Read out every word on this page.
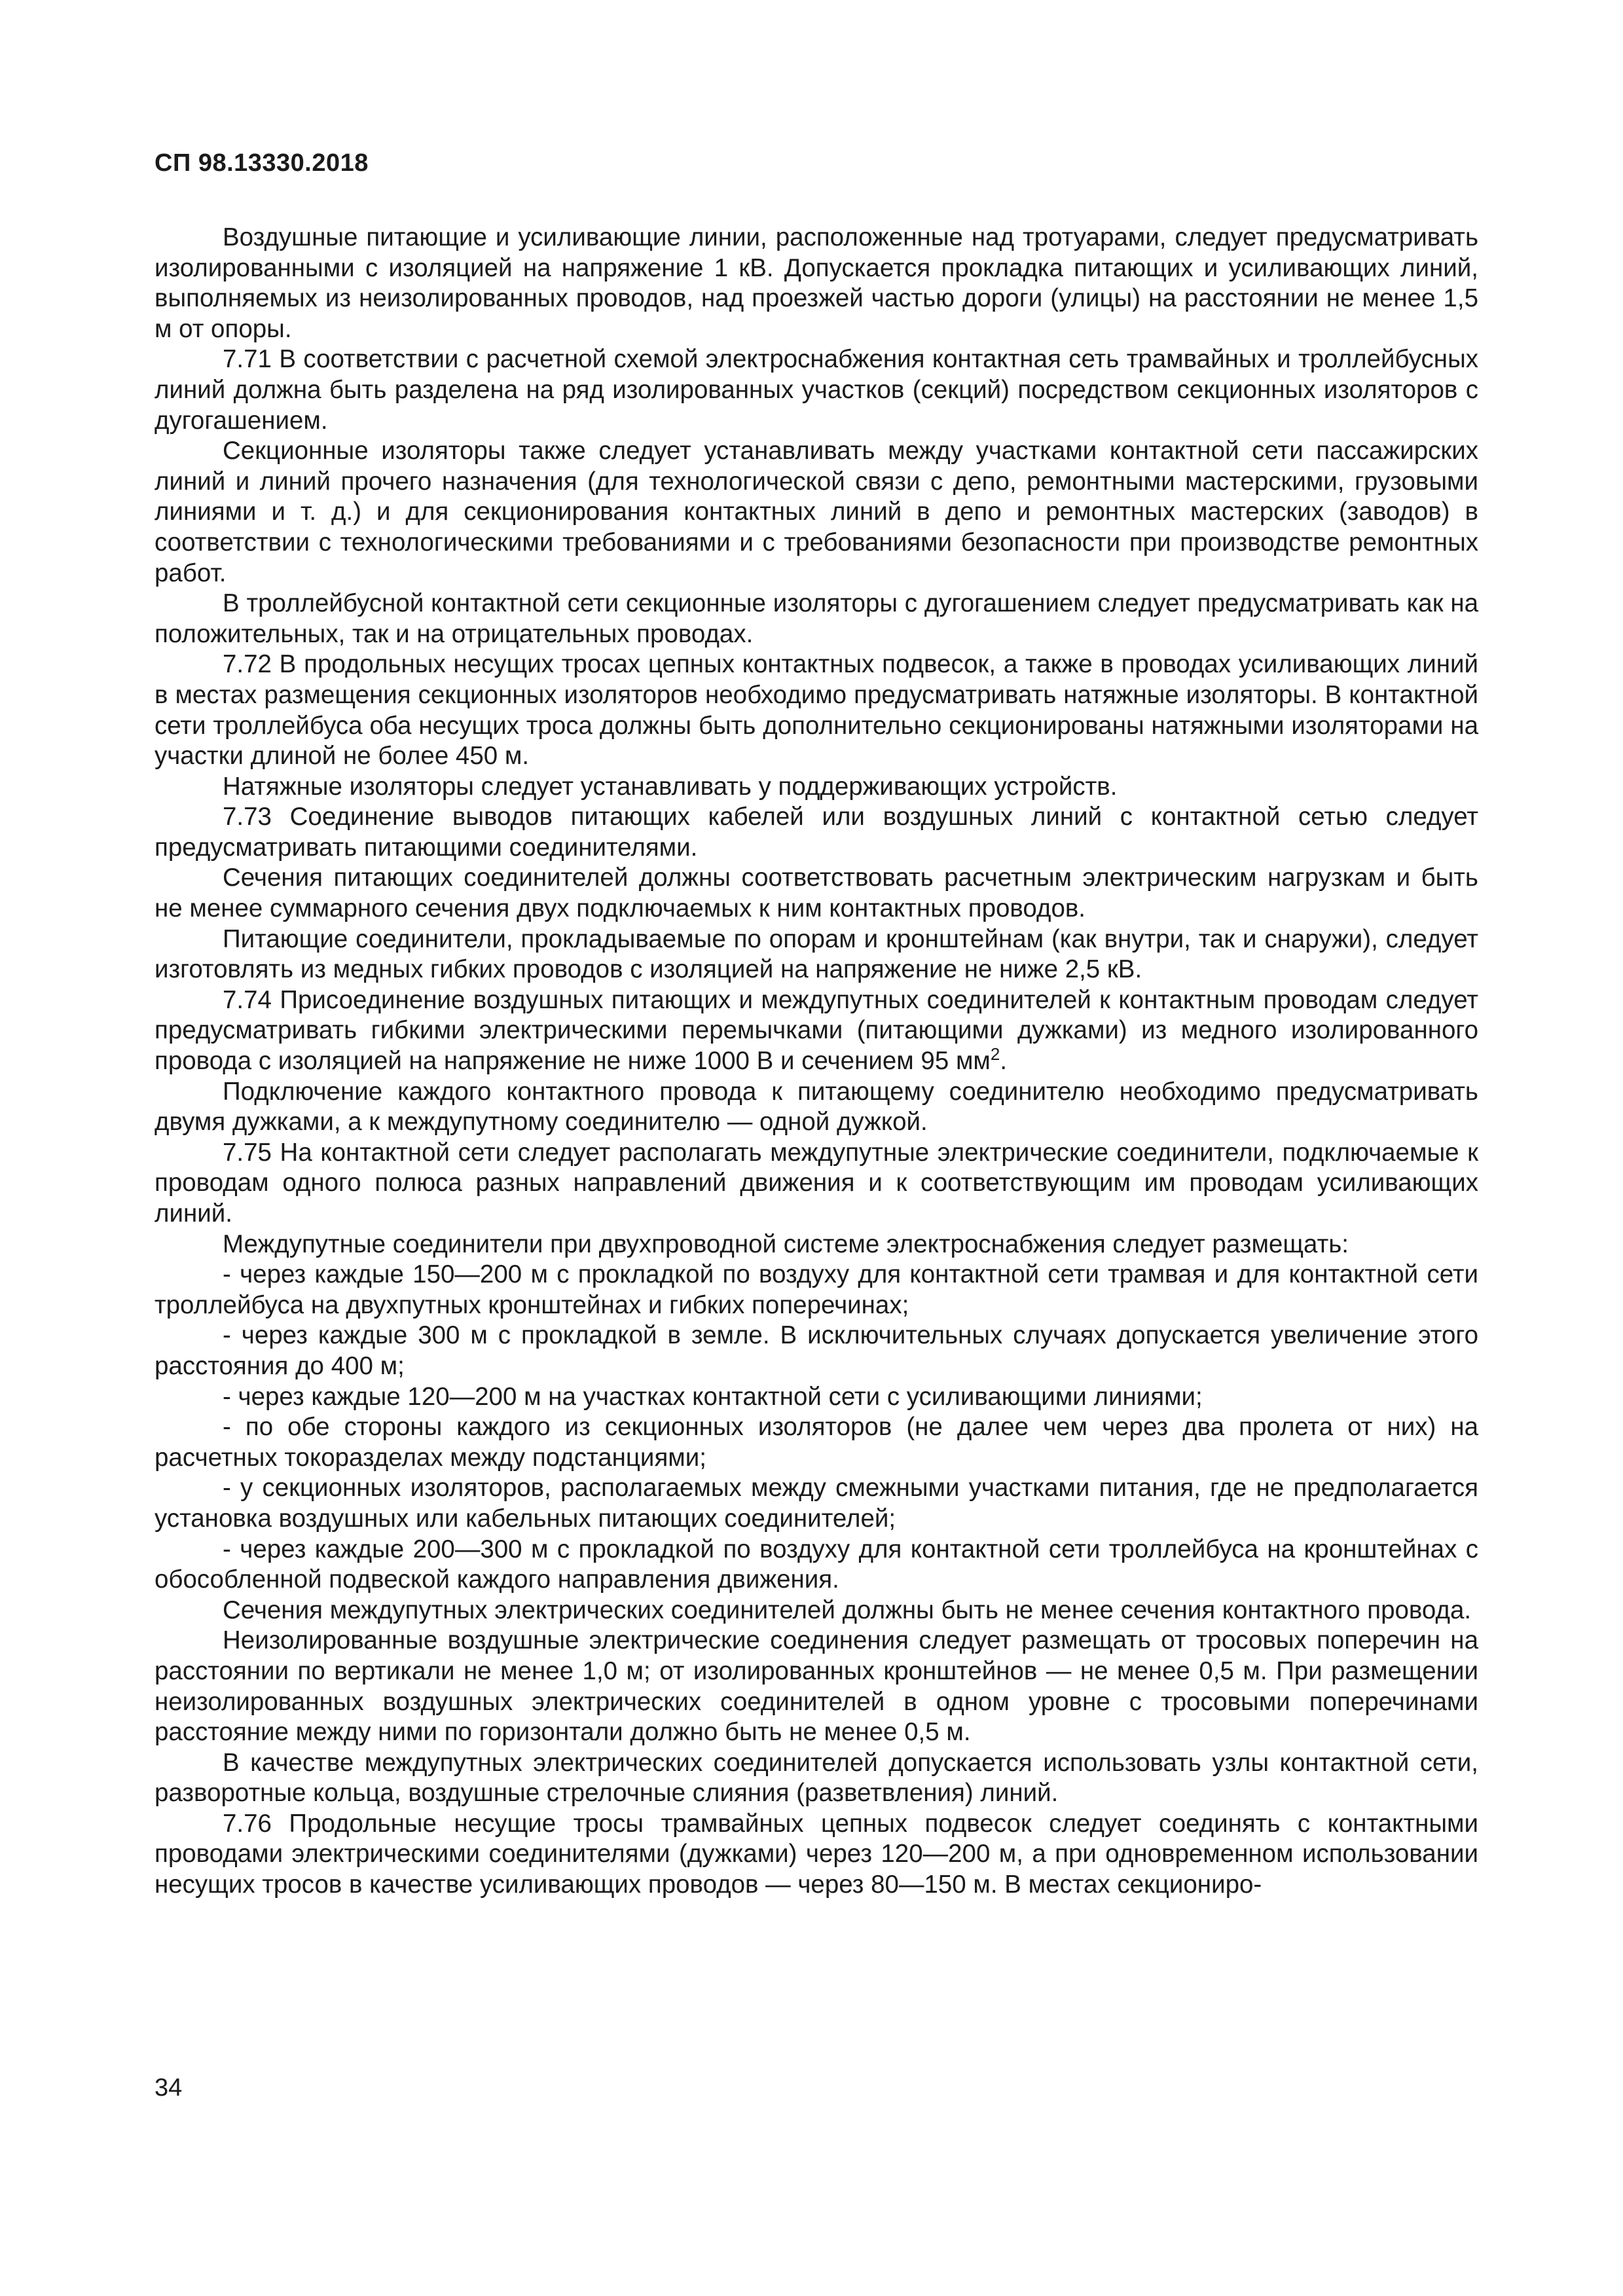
СП 98.13330.2018

Воздушные питающие и усиливающие линии, расположенные над тротуарами, следует предусматривать изолированными с изоляцией на напряжение 1 кВ. Допускается прокладка питающих и усиливающих линий, выполняемых из неизолированных проводов, над проезжей частью дороги (улицы) на расстоянии не менее 1,5 м от опоры.

7.71 В соответствии с расчетной схемой электроснабжения контактная сеть трамвайных и троллейбусных линий должна быть разделена на ряд изолированных участков (секций) посредством секционных изоляторов с дугогашением.

Секционные изоляторы также следует устанавливать между участками контактной сети пассажирских линий и линий прочего назначения (для технологической связи с депо, ремонтными мастерскими, грузовыми линиями и т. д.) и для секционирования контактных линий в депо и ремонтных мастерских (заводов) в соответствии с технологическими требованиями и с требованиями безопасности при производстве ремонтных работ.

В троллейбусной контактной сети секционные изоляторы с дугогашением следует предусматривать как на положительных, так и на отрицательных проводах.

7.72 В продольных несущих тросах цепных контактных подвесок, а также в проводах усиливающих линий в местах размещения секционных изоляторов необходимо предусматривать натяжные изоляторы. В контактной сети троллейбуса оба несущих троса должны быть дополнительно секционированы натяжными изоляторами на участки длиной не более 450 м.

Натяжные изоляторы следует устанавливать у поддерживающих устройств.

7.73 Соединение выводов питающих кабелей или воздушных линий с контактной сетью следует предусматривать питающими соединителями.

Сечения питающих соединителей должны соответствовать расчетным электрическим нагрузкам и быть не менее суммарного сечения двух подключаемых к ним контактных проводов.

Питающие соединители, прокладываемые по опорам и кронштейнам (как внутри, так и снаружи), следует изготовлять из медных гибких проводов с изоляцией на напряжение не ниже 2,5 кВ.

7.74 Присоединение воздушных питающих и междупутных соединителей к контактным проводам следует предусматривать гибкими электрическими перемычками (питающими дужками) из медного изолированного провода с изоляцией на напряжение не ниже 1000 В и сечением 95 $мм^2$.

Подключение каждого контактного провода к питающему соединителю необходимо предусматривать двумя дужками, а к междупутному соединителю — одной дужкой.

7.75 На контактной сети следует располагать междупутные электрические соединители, подключаемые к проводам одного полюса разных направлений движения и к соответствующим им проводам усиливающих линий.

Междупутные соединители при двухпроводной системе электроснабжения следует размещать:

- через каждые 150—200 м с прокладкой по воздуху для контактной сети трамвая и для контактной сети троллейбуса на двухпутных кронштейнах и гибких поперечинах;

- через каждые 300 м с прокладкой в земле. В исключительных случаях допускается увеличение этого расстояния до 400 м;

- через каждые 120—200 м на участках контактной сети с усиливающими линиями;

- по обе стороны каждого из секционных изоляторов (не далее чем через два пролета от них) на расчетных токоразделах между подстанциями;

- у секционных изоляторов, располагаемых между смежными участками питания, где не предполагается установка воздушных или кабельных питающих соединителей;

- через каждые 200—300 м с прокладкой по воздуху для контактной сети троллейбуса на кронштейнах с обособленной подвеской каждого направления движения.

Сечения междупутных электрических соединителей должны быть не менее сечения контактного провода.

Неизолированные воздушные электрические соединения следует размещать от тросовых поперечин на расстоянии по вертикали не менее 1,0 м; от изолированных кронштейнов — не менее 0,5 м. При размещении неизолированных воздушных электрических соединителей в одном уровне с тросовыми поперечинами расстояние между ними по горизонтали должно быть не менее 0,5 м.

В качестве междупутных электрических соединителей допускается использовать узлы контактной сети, разворотные кольца, воздушные стрелочные слияния (разветвления) линий.

7.76 Продольные несущие тросы трамвайных цепных подвесок следует соединять с контактными проводами электрическими соединителями (дужками) через 120—200 м, а при одновременном использовании несущих тросов в качестве усиливающих проводов — через 80—150 м. В местах секциониро-

34
